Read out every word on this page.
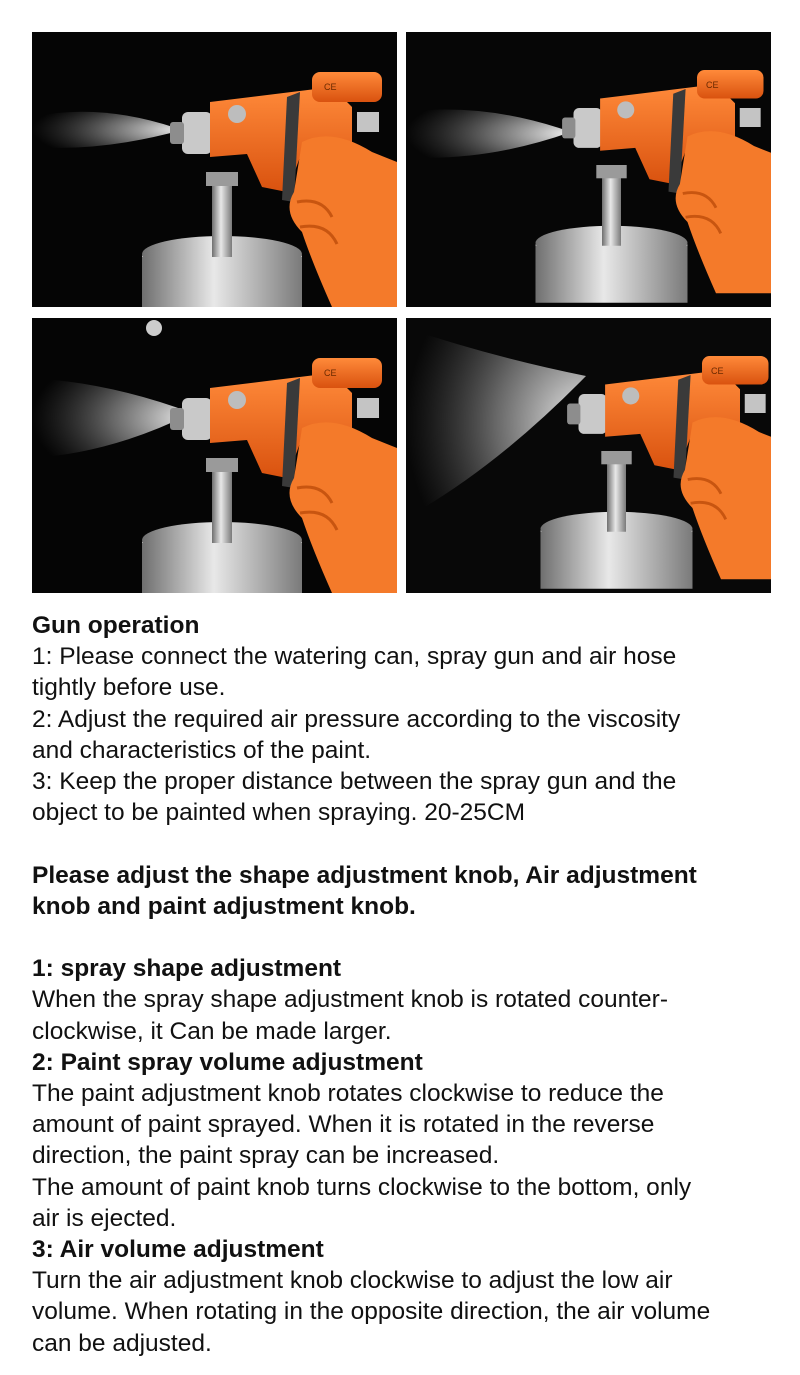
CE	CE
CE	CE

Gun operation

1: Please connect the watering can, spray gun and air hose

tightly before use.

2: Adjust the required air pressure according to the viscosity

and characteristics of the paint.

3: Keep the proper distance between the spray gun and the

object to be painted when spraying. 20-25CM

Please adjust the shape adjustment knob, Air adjustment

knob and paint adjustment knob.

1: spray shape adjustment

When the spray shape adjustment knob is rotated counter-

clockwise, it Can be made larger.

2: Paint spray volume adjustment

The paint adjustment knob rotates clockwise to reduce the

amount of paint sprayed. When it is rotated in the reverse

direction, the paint spray can be increased.

The amount of paint knob turns clockwise to the bottom, only

air is ejected.

3: Air volume adjustment

Turn the air adjustment knob clockwise to adjust the low air

volume. When rotating in the opposite direction, the air volume

can be adjusted.
